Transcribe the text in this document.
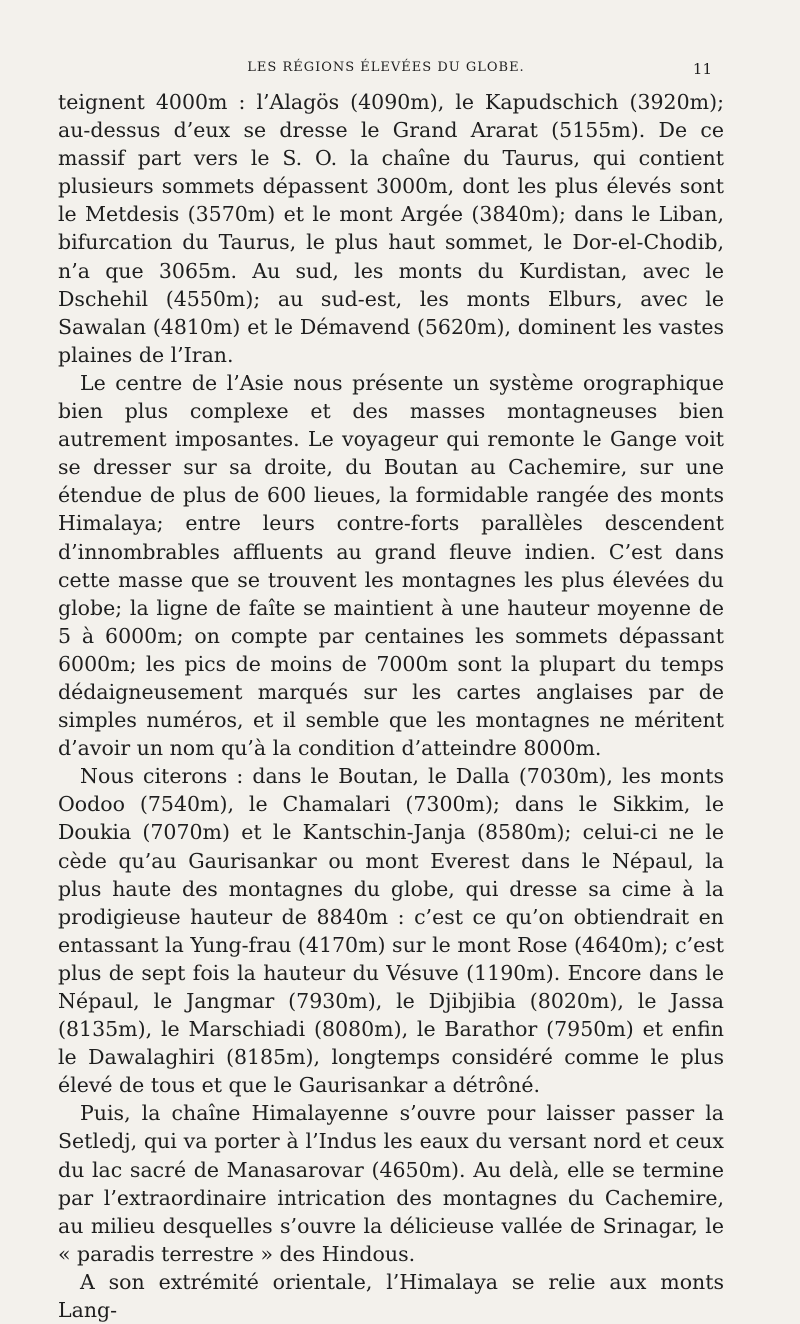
LES RÉGIONS ÉLEVÉES DU GLOBE.	11

teignent 4000m : l’Alagös (4090m), le Kapudschich (3920m); au-dessus d’eux se dresse le Grand Ararat (5155m). De ce massif part vers le S. O. la chaîne du Taurus, qui contient plusieurs sommets dépassent 3000m, dont les plus élevés sont le Metdesis (3570m) et le mont Argée (3840m); dans le Liban, bifurcation du Taurus, le plus haut sommet, le Dor-el-Chodib, n’a que 3065m. Au sud, les monts du Kurdistan, avec le Dschehil (4550m); au sud-est, les monts Elburs, avec le Sawalan (4810m) et le Démavend (5620m), dominent les vastes plaines de l’Iran.

Le centre de l’Asie nous présente un système orographique bien plus complexe et des masses montagneuses bien autrement imposantes. Le voyageur qui remonte le Gange voit se dresser sur sa droite, du Boutan au Cachemire, sur une étendue de plus de 600 lieues, la formidable rangée des monts Himalaya; entre leurs contre-forts parallèles descendent d’innombrables affluents au grand fleuve indien. C’est dans cette masse que se trouvent les montagnes les plus élevées du globe; la ligne de faîte se maintient à une hauteur moyenne de 5 à 6000m; on compte par centaines les sommets dépassant 6000m; les pics de moins de 7000m sont la plupart du temps dédaigneusement marqués sur les cartes anglaises par de simples numéros, et il semble que les montagnes ne méritent d’avoir un nom qu’à la condition d’atteindre 8000m.

Nous citerons : dans le Boutan, le Dalla (7030m), les monts Oodoo (7540m), le Chamalari (7300m); dans le Sikkim, le Doukia (7070m) et le Kantschin-Janja (8580m); celui-ci ne le cède qu’au Gaurisankar ou mont Everest dans le Népaul, la plus haute des montagnes du globe, qui dresse sa cime à la prodigieuse hauteur de 8840m : c’est ce qu’on obtiendrait en entassant la Yung-frau (4170m) sur le mont Rose (4640m); c’est plus de sept fois la hauteur du Vésuve (1190m). Encore dans le Népaul, le Jangmar (7930m), le Djibjibia (8020m), le Jassa (8135m), le Marschiadi (8080m), le Barathor (7950m) et enfin le Dawalaghiri (8185m), longtemps considéré comme le plus élevé de tous et que le Gaurisankar a détrôné.

Puis, la chaîne Himalayenne s’ouvre pour laisser passer la Setledj, qui va porter à l’Indus les eaux du versant nord et ceux du lac sacré de Manasarovar (4650m). Au delà, elle se termine par l’extraordinaire intrication des montagnes du Cachemire, au milieu desquelles s’ouvre la délicieuse vallée de Srinagar, le « paradis terrestre » des Hindous.

A son extrémité orientale, l’Himalaya se relie aux monts Lang-
